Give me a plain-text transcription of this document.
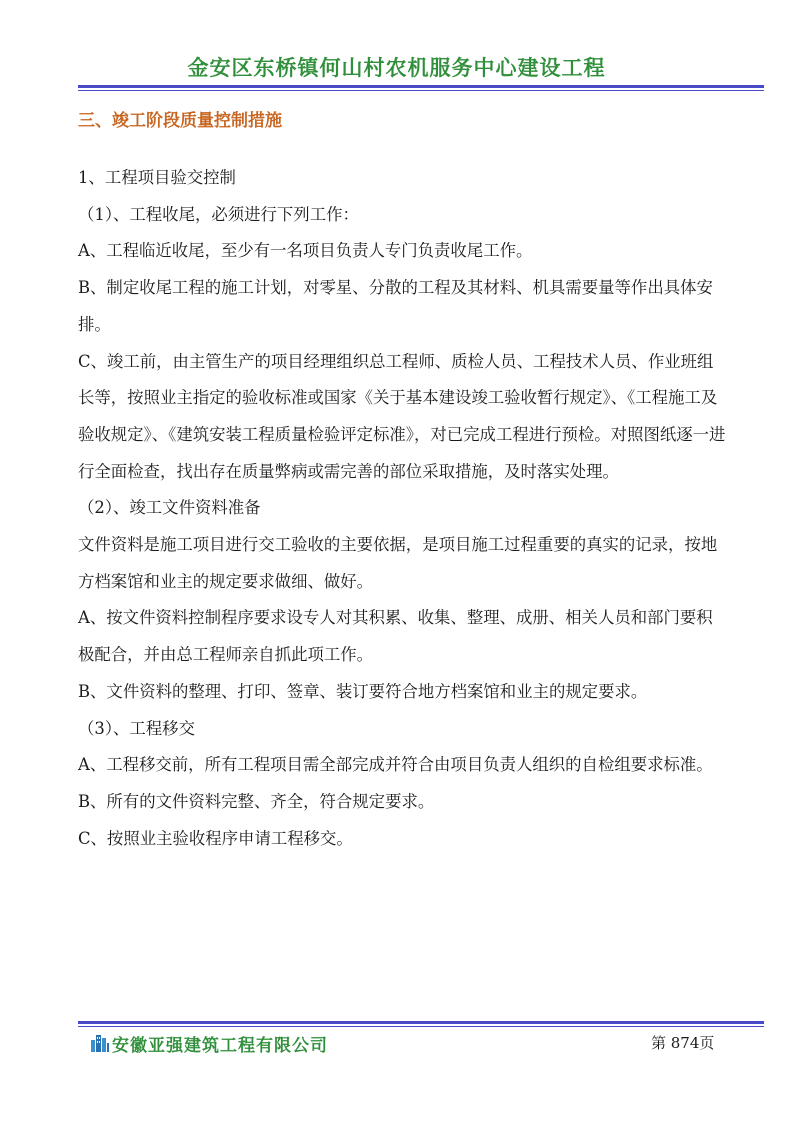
金安区东桥镇何山村农机服务中心建设工程
三、竣工阶段质量控制措施

1、工程项目验交控制

（1）、工程收尾，必须进行下列工作：

A、工程临近收尾，至少有一名项目负责人专门负责收尾工作。

B、制定收尾工程的施工计划，对零星、分散的工程及其材料、机具需要量等作出具体安排。

C、竣工前，由主管生产的项目经理组织总工程师、质检人员、工程技术人员、作业班组长等，按照业主指定的验收标准或国家《关于基本建设竣工验收暂行规定》、《工程施工及验收规定》、《建筑安装工程质量检验评定标准》，对已完成工程进行预检。对照图纸逐一进行全面检查，找出存在质量弊病或需完善的部位采取措施，及时落实处理。

（2）、竣工文件资料准备

文件资料是施工项目进行交工验收的主要依据，是项目施工过程重要的真实的记录，按地方档案馆和业主的规定要求做细、做好。

A、按文件资料控制程序要求设专人对其积累、收集、整理、成册、相关人员和部门要积极配合，并由总工程师亲自抓此项工作。

B、文件资料的整理、打印、签章、装订要符合地方档案馆和业主的规定要求。

（3）、工程移交

A、工程移交前，所有工程项目需全部完成并符合由项目负责人组织的自检组要求标准。

B、所有的文件资料完整、齐全，符合规定要求。

C、按照业主验收程序申请工程移交。

安徽亚强建筑工程有限公司	第 874页
